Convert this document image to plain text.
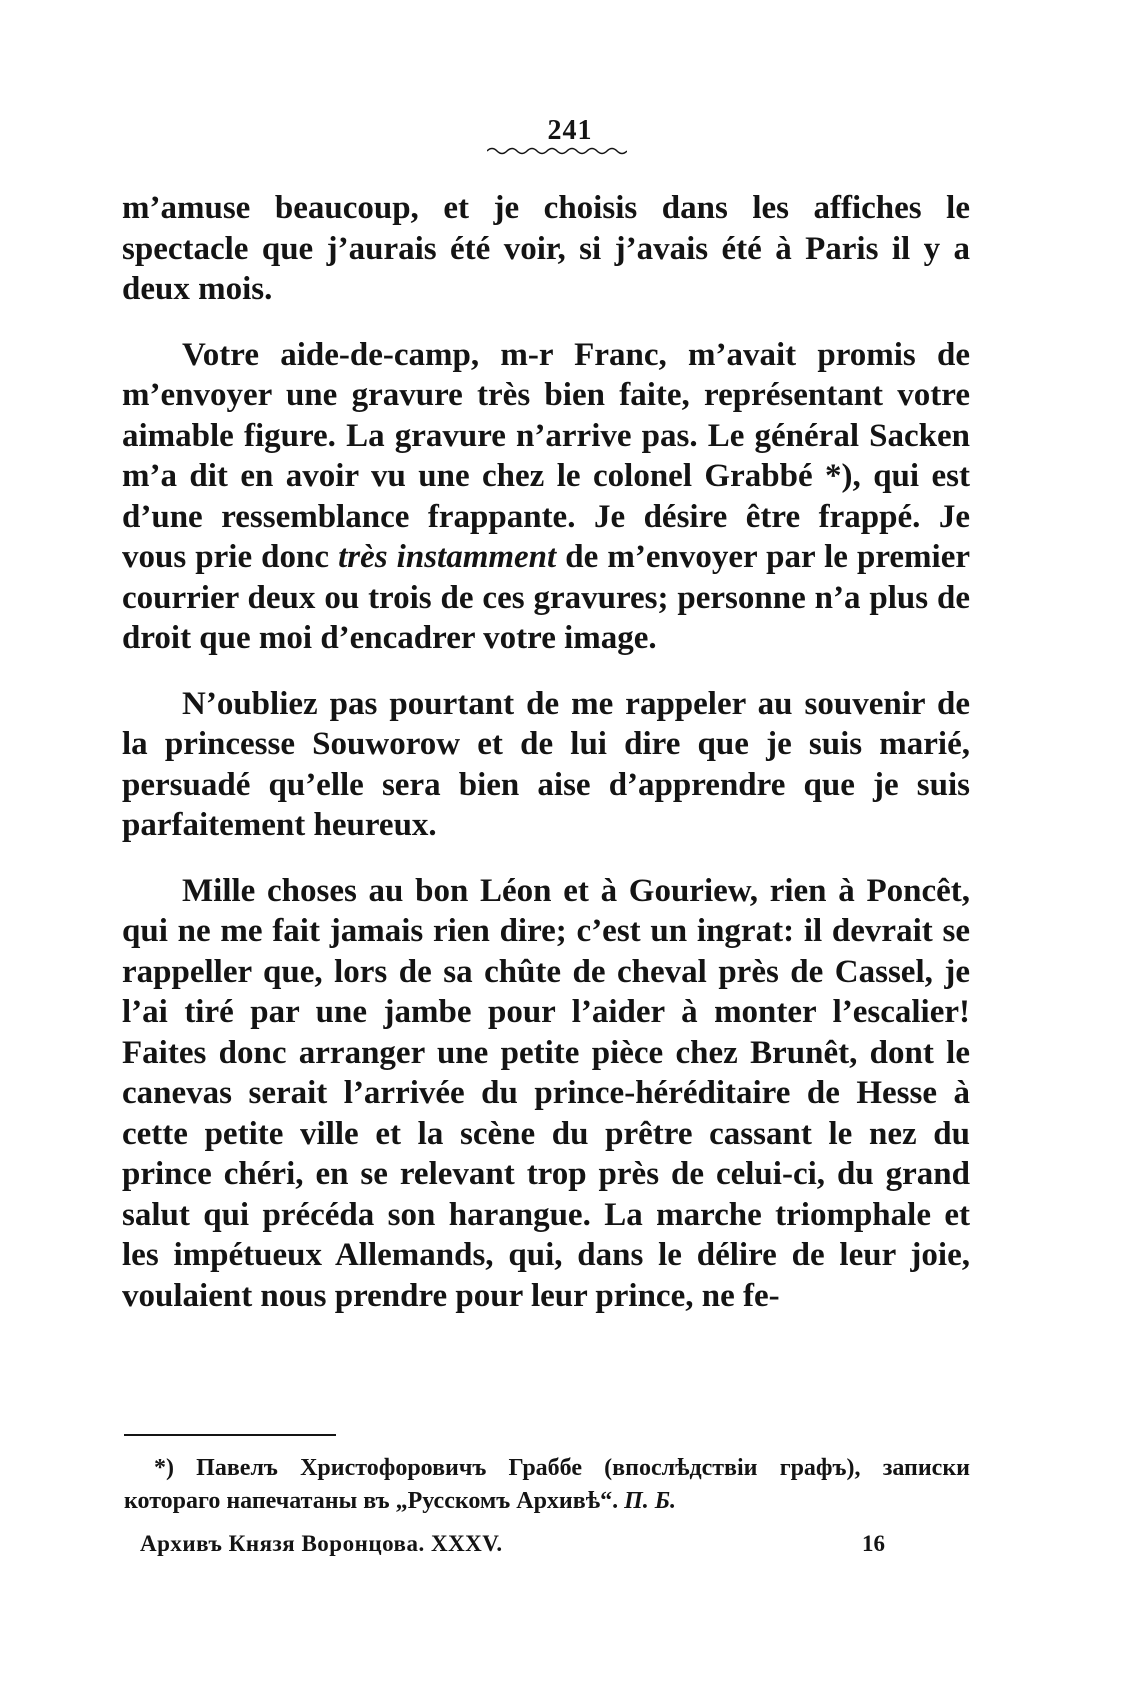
241

m’amuse beaucoup, et je choisis dans les affiches le spectacle que j’aurais été voir, si j’avais été à Paris il y a deux mois.

Votre aide-de-camp, m-r Franc, m’avait promis de m’envoyer une gravure très bien faite, représentant votre aimable figure. La gravure n’arrive pas. Le général Sacken m’a dit en avoir vu une chez le colonel Grabbé *), qui est d’une ressemblance frappante. Je désire être frappé. Je vous prie donc très instamment de m’envoyer par le premier courrier deux ou trois de ces gravures; personne n’a plus de droit que moi d’encadrer votre image.

N’oubliez pas pourtant de me rappeler au souvenir de la princesse Souworow et de lui dire que je suis marié, persuadé qu’elle sera bien aise d’apprendre que je suis parfaitement heureux.

Mille choses au bon Léon et à Gouriew, rien à Poncêt, qui ne me fait jamais rien dire; c’est un ingrat: il devrait se rappeller que, lors de sa chûte de cheval près de Cassel, je l’ai tiré par une jambe pour l’aider à monter l’escalier! Faites donc arranger une petite pièce chez Brunêt, dont le canevas serait l’arrivée du prince-héréditaire de Hesse à cette petite ville et la scène du prêtre cassant le nez du prince chéri, en se relevant trop près de celui-ci, du grand salut qui précéda son harangue. La marche triomphale et les impétueux Allemands, qui, dans le délire de leur joie, voulaient nous prendre pour leur prince, ne fe-

*) Павелъ Христофоровичъ Граббе (впослѣдствіи графъ), записки котораго напечатаны въ „Русскомъ Архивѣ“. П. Б.

Архивъ Князя Воронцова. XXXV.	16
